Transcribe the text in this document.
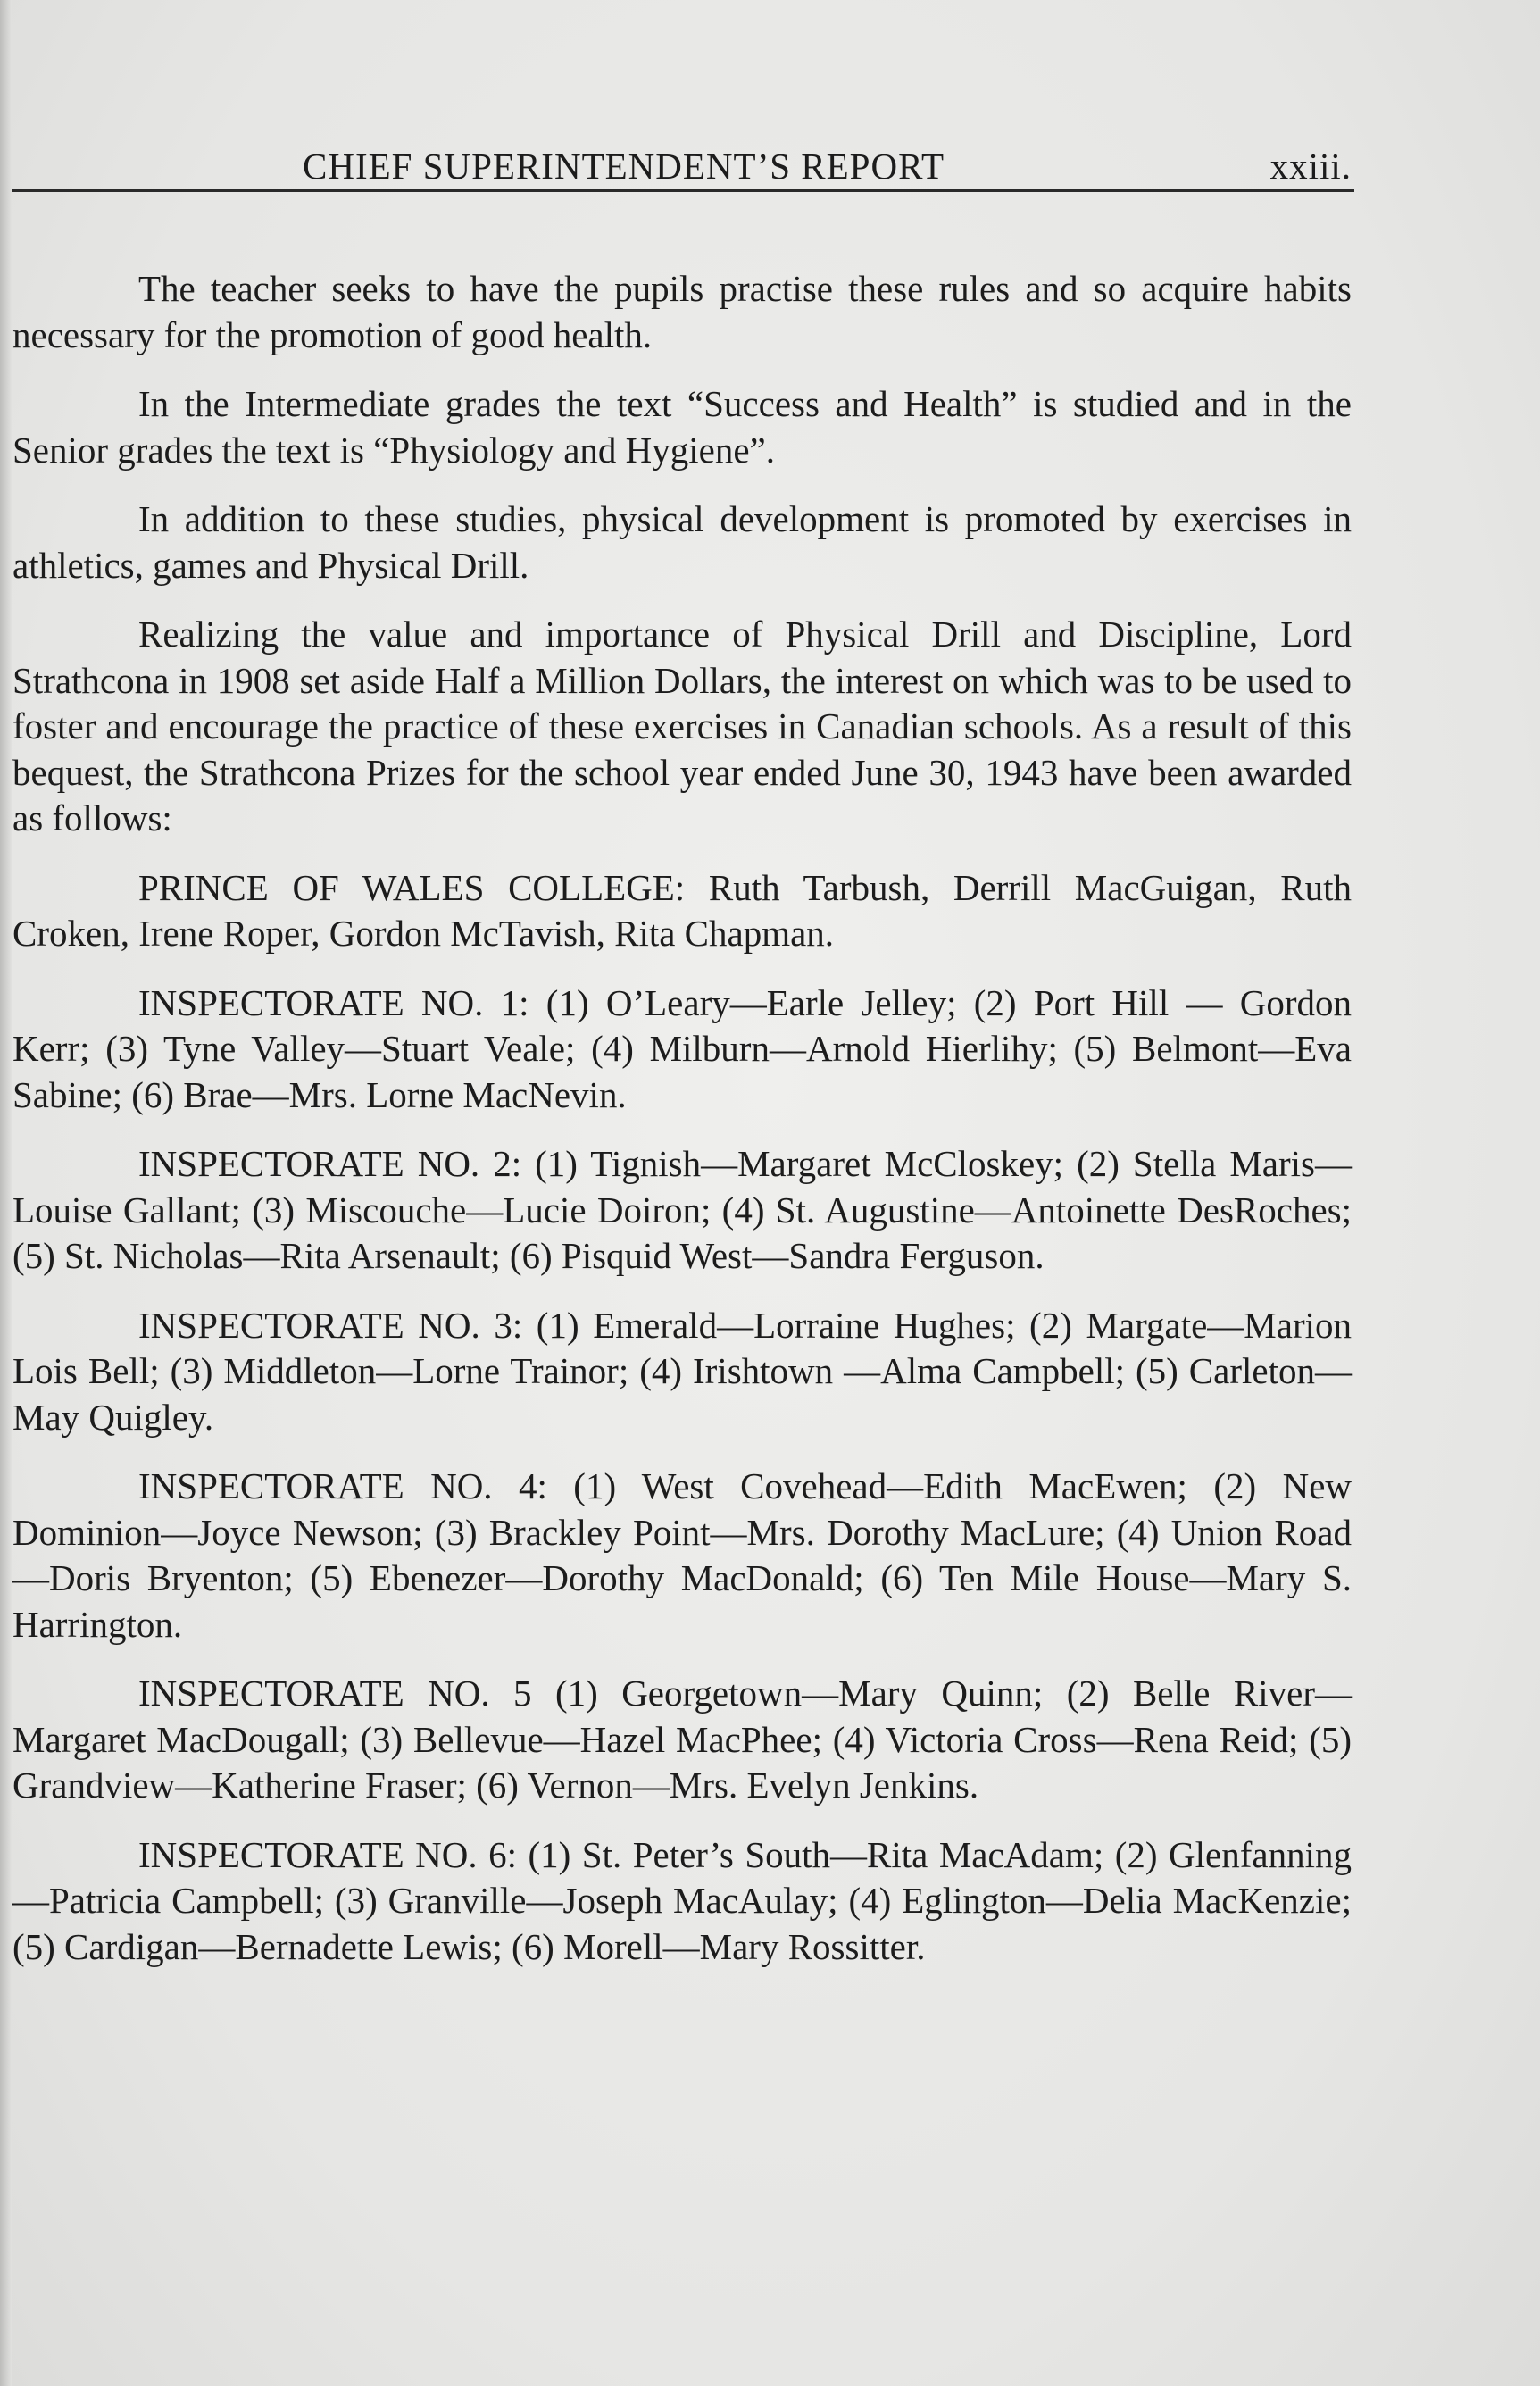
CHIEF SUPERINTENDENT’S REPORT	xxiii.

The teacher seeks to have the pupils practise these rules and so acquire habits necessary for the promotion of good health.

In the Intermediate grades the text “Success and Health” is studied and in the Senior grades the text is “Physiology and Hygiene”.

In addition to these studies, physical development is promoted by exercises in athletics, games and Physical Drill.

Realizing the value and importance of Physical Drill and Discipline, Lord Strathcona in 1908 set aside Half a Million Dollars, the interest on which was to be used to foster and encourage the practice of these exercises in Canadian schools. As a result of this bequest, the Strathcona Prizes for the school year ended June 30, 1943 have been awarded as follows:

PRINCE OF WALES COLLEGE: Ruth Tarbush, Derrill MacGuigan, Ruth Croken, Irene Roper, Gordon McTavish, Rita Chapman.

INSPECTORATE NO. 1: (1) O’Leary—Earle Jelley; (2) Port Hill — Gordon Kerr; (3) Tyne Valley—Stuart Veale; (4) Milburn—Arnold Hierlihy; (5) Belmont—Eva Sabine; (6) Brae—Mrs. Lorne MacNevin.

INSPECTORATE NO. 2: (1) Tignish—Margaret McCloskey; (2) Stella Maris—Louise Gallant; (3) Miscouche—Lucie Doiron; (4) St. Augustine—Antoinette DesRoches; (5) St. Nicholas—Rita Arsenault; (6) Pisquid West—Sandra Ferguson.

INSPECTORATE NO. 3: (1) Emerald—Lorraine Hughes; (2) Margate—Marion Lois Bell; (3) Middleton—Lorne Trainor; (4) Irishtown —Alma Campbell; (5) Carleton—May Quigley.

INSPECTORATE NO. 4: (1) West Covehead—Edith MacEwen; (2) New Dominion—Joyce Newson; (3) Brackley Point—Mrs. Dorothy MacLure; (4) Union Road—Doris Bryenton; (5) Ebenezer—Dorothy MacDonald; (6) Ten Mile House—Mary S. Harrington.

INSPECTORATE NO. 5 (1) Georgetown—Mary Quinn; (2) Belle River—Margaret MacDougall; (3) Bellevue—Hazel MacPhee; (4) Victoria Cross—Rena Reid; (5) Grandview—Katherine Fraser; (6) Vernon—Mrs. Evelyn Jenkins.

INSPECTORATE NO. 6: (1) St. Peter’s South—Rita MacAdam; (2) Glenfanning—Patricia Campbell; (3) Granville—Joseph MacAulay; (4) Eglington—Delia MacKenzie; (5) Cardigan—Bernadette Lewis; (6) Morell—Mary Rossitter.
